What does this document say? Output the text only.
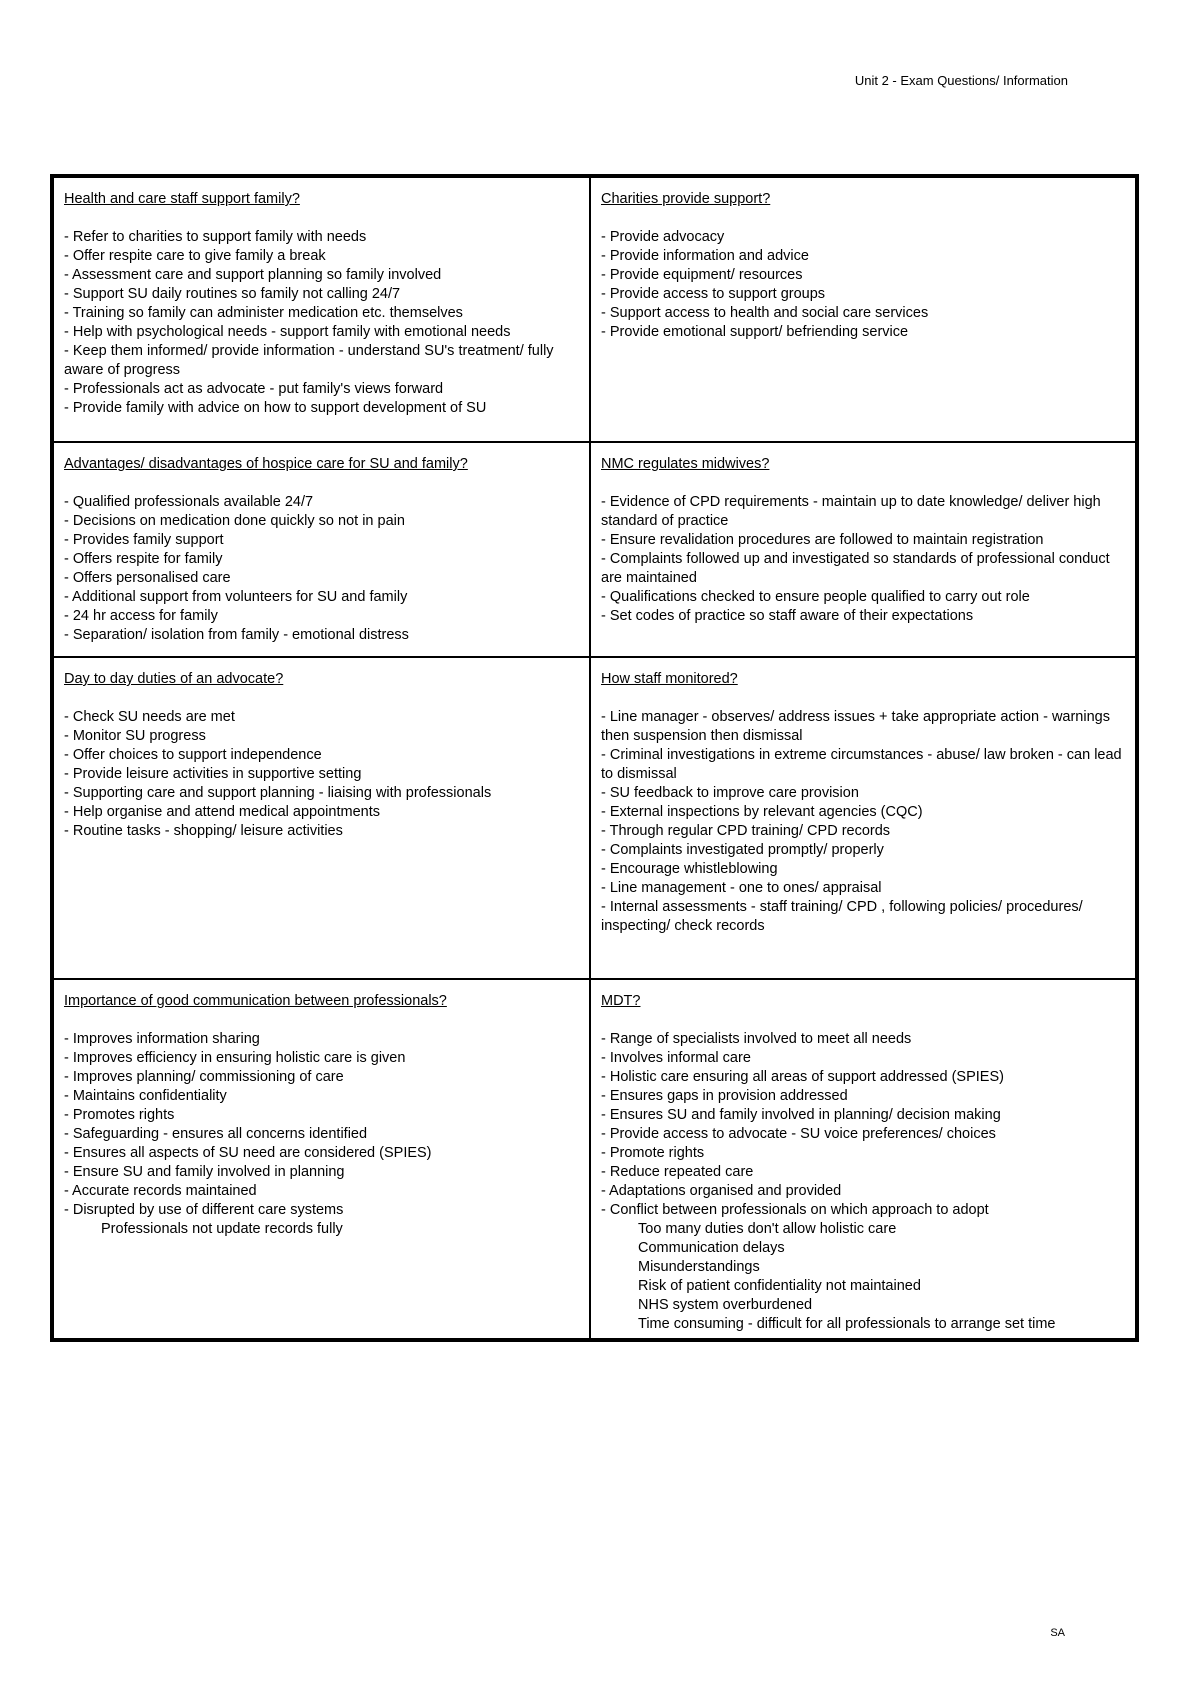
Unit 2 - Exam Questions/ Information
Health and care staff support family?
- Refer to charities to support family with needs
- Offer respite care to give family a break
- Assessment care and support planning so family involved
- Support SU daily routines so family not calling 24/7
- Training so family can administer medication etc. themselves
- Help with psychological needs - support family with emotional needs
- Keep them informed/ provide information - understand SU's treatment/ fully aware of progress
- Professionals act as advocate - put family's views forward
- Provide family with advice on how to support development of SU
Charities provide support?
- Provide advocacy
- Provide information and advice
- Provide equipment/ resources
- Provide access to support groups
- Support access to health and social care services
- Provide emotional support/ befriending service
Advantages/ disadvantages of hospice care for SU and family?
- Qualified professionals available 24/7
- Decisions on medication done quickly so not in pain
- Provides family support
- Offers respite for family
- Offers personalised care
- Additional support from volunteers for SU and family
- 24 hr access for family
- Separation/ isolation from family - emotional distress
NMC regulates midwives?
- Evidence of CPD requirements - maintain up to date knowledge/ deliver high standard of practice
- Ensure revalidation procedures are followed to maintain registration
- Complaints followed up and investigated so standards of professional conduct are maintained
- Qualifications checked to ensure people qualified to carry out role
- Set codes of practice so staff aware of their expectations
Day to day duties of an advocate?
- Check SU needs are met
- Monitor SU progress
- Offer choices to support independence
- Provide leisure activities in supportive setting
- Supporting care and support planning - liaising with professionals
- Help organise and attend medical appointments
- Routine tasks - shopping/ leisure activities
How staff monitored?
- Line manager - observes/ address issues + take appropriate action - warnings then suspension then dismissal
- Criminal investigations in extreme circumstances - abuse/ law broken - can lead to dismissal
- SU feedback to improve care provision
- External inspections by relevant agencies (CQC)
- Through regular CPD training/ CPD records
- Complaints investigated promptly/ properly
- Encourage whistleblowing
- Line management - one to ones/ appraisal
- Internal assessments - staff training/ CPD , following policies/ procedures/ inspecting/ check records
Importance of good communication between professionals?
- Improves information sharing
- Improves efficiency in ensuring holistic care is given
- Improves planning/ commissioning of care
- Maintains confidentiality
- Promotes rights
- Safeguarding - ensures all concerns identified
- Ensures all aspects of SU need are considered (SPIES)
- Ensure SU and family involved in planning
- Accurate records maintained
- Disrupted by use of different care systems
Professionals not update records fully
MDT?
- Range of specialists involved to meet all needs
- Involves informal care
- Holistic care ensuring all areas of support addressed (SPIES)
- Ensures gaps in provision addressed
- Ensures SU and family involved in planning/ decision making
- Provide access to advocate - SU voice preferences/ choices
- Promote rights
- Reduce repeated care
- Adaptations organised and provided
- Conflict between professionals on which approach to adopt
Too many duties don't allow holistic care
Communication delays
Misunderstandings
Risk of patient confidentiality not maintained
NHS system overburdened
Time consuming - difficult for all professionals to arrange set time
SA
